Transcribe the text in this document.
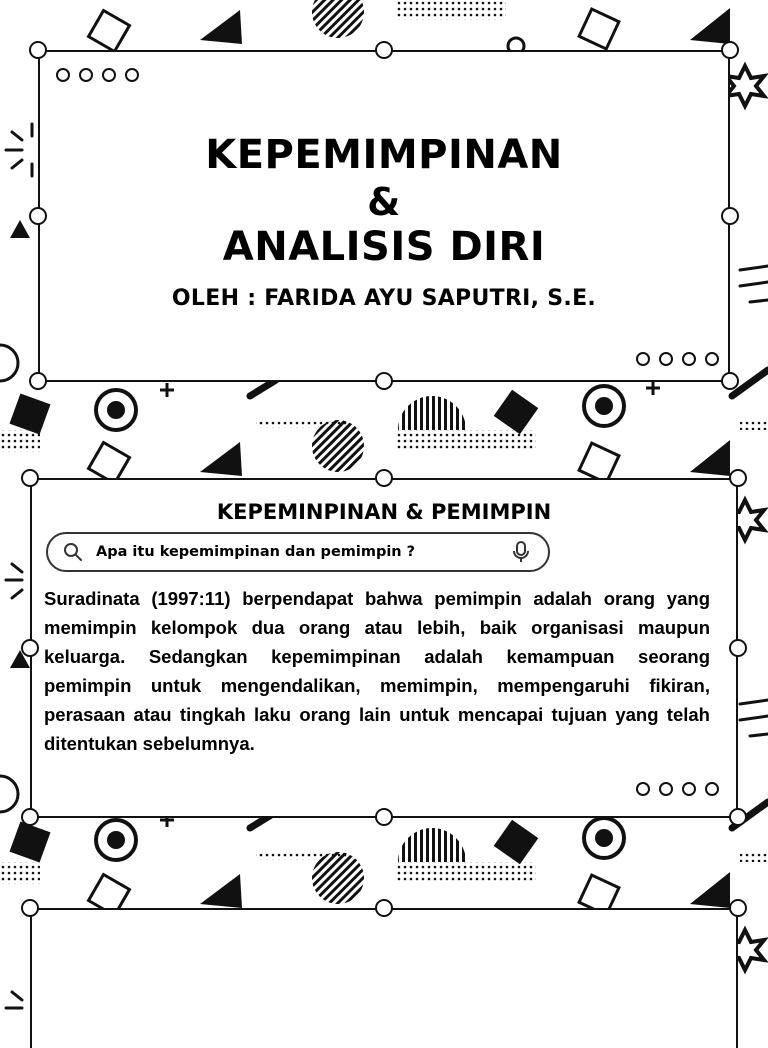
KEPEMIMPINAN
&
ANALISIS DIRI
OLEH : FARIDA AYU SAPUTRI, S.E.
KEPEMINPINAN & PEMIMPIN
Apa itu kepemimpinan dan pemimpin ?
Suradinata (1997:11) berpendapat bahwa pemimpin adalah orang yang memimpin kelompok dua orang atau lebih, baik organisasi maupun keluarga. Sedangkan kepemimpinan adalah kemampuan seorang pemimpin untuk mengendalikan, memimpin, mempengaruhi fikiran, perasaan atau tingkah laku orang lain untuk mencapai tujuan yang telah ditentukan sebelumnya.
